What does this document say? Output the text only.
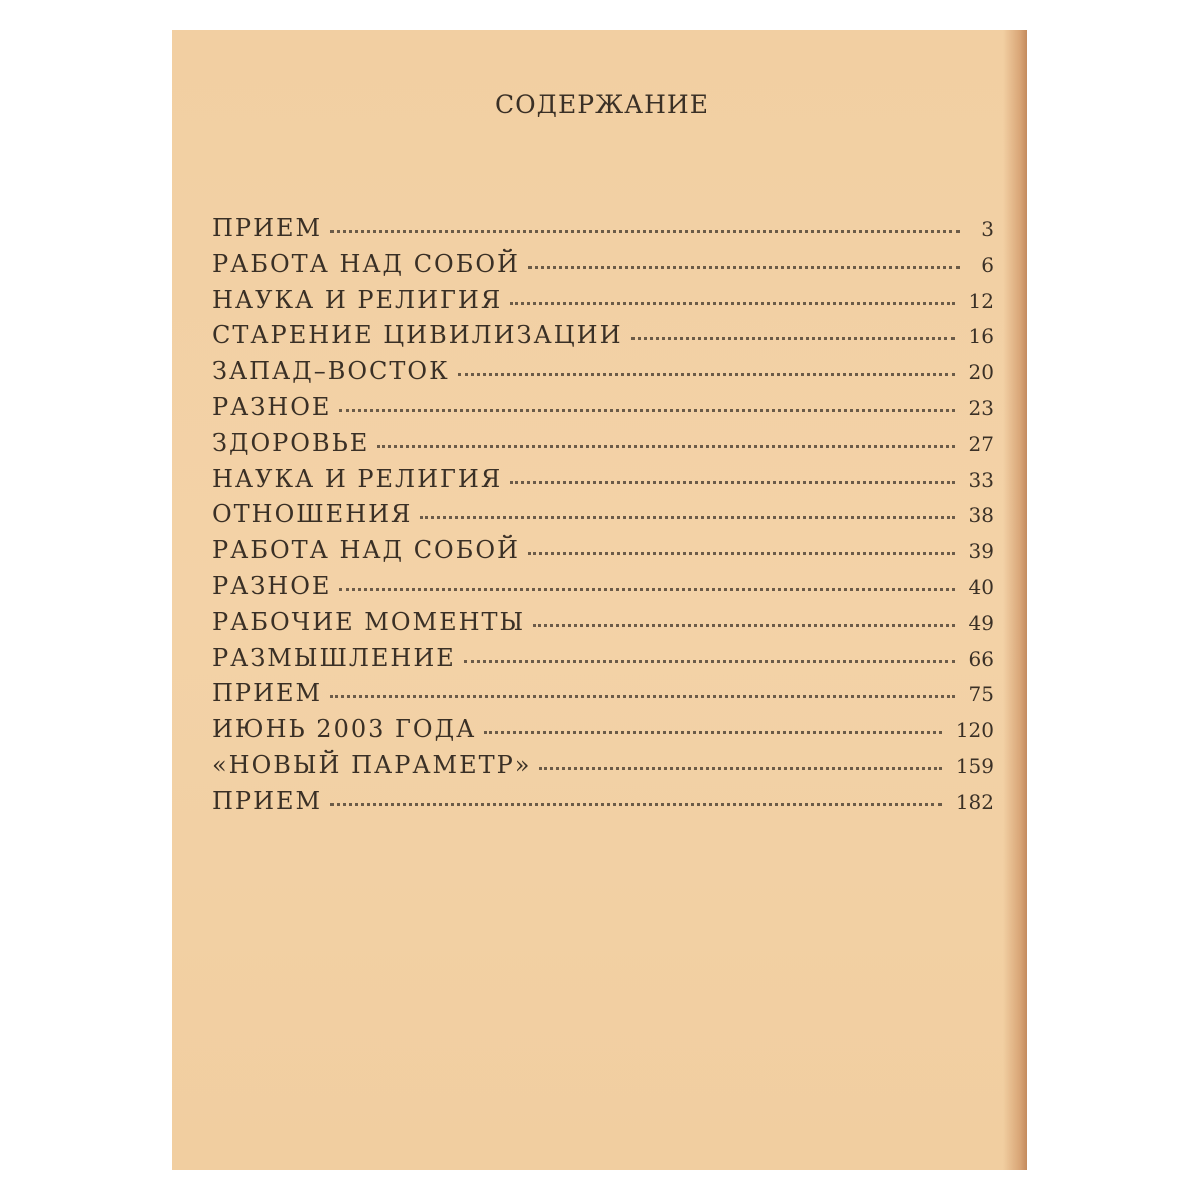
СОДЕРЖАНИЕ
ПРИЕМ	3
РАБОТА НАД СОБОЙ	6
НАУКА И РЕЛИГИЯ	12
СТАРЕНИЕ ЦИВИЛИЗАЦИИ	16
ЗАПАД–ВОСТОК	20
РАЗНОЕ	23
ЗДОРОВЬЕ	27
НАУКА И РЕЛИГИЯ	33
ОТНОШЕНИЯ	38
РАБОТА НАД СОБОЙ	39
РАЗНОЕ	40
РАБОЧИЕ МОМЕНТЫ	49
РАЗМЫШЛЕНИЕ	66
ПРИЕМ	75
ИЮНЬ 2003 ГОДА	120
«НОВЫЙ ПАРАМЕТР»	159
ПРИЕМ	182
